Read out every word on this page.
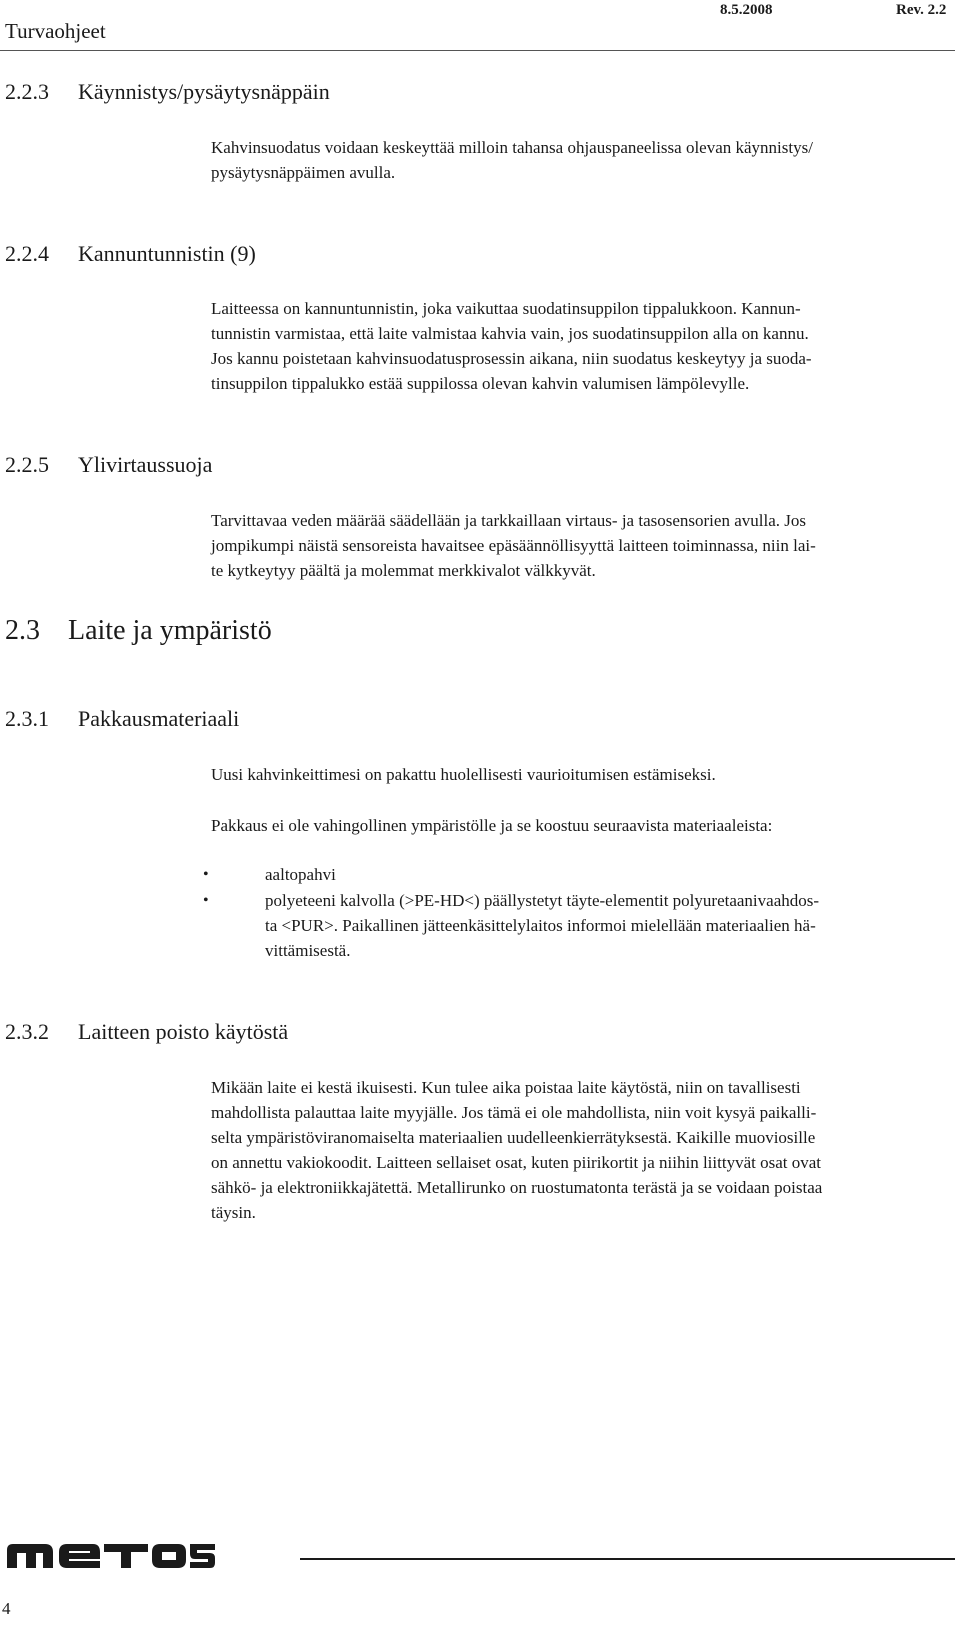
Turvaohjeet
8.5.2008	Rev. 2.2
2.2.3 Käynnistys/pysäytysnäppäin
Kahvinsuodatus voidaan keskeyttää milloin tahansa ohjauspaneelissa olevan käynnistys/
pysäytysnäppäimen avulla.
2.2.4 Kannuntunnistin (9)
Laitteessa on kannuntunnistin, joka vaikuttaa suodatinsuppilon tippalukkoon. Kannun-
tunnistin varmistaa, että laite valmistaa kahvia vain, jos suodatinsuppilon alla on kannu.
Jos kannu poistetaan kahvinsuodatusprosessin aikana, niin suodatus keskeytyy ja suoda-
tinsuppilon tippalukko estää suppilossa olevan kahvin valumisen lämpölevylle.
2.2.5 Ylivirtaussuoja
Tarvittavaa veden määrää säädellään ja tarkkaillaan virtaus- ja tasosensorien avulla. Jos
jompikumpi näistä sensoreista havaitsee epäsäännöllisyyttä laitteen toiminnassa, niin lai-
te kytkeytyy päältä ja molemmat merkkivalot välkkyvät.
2.3 Laite ja ympäristö
2.3.1 Pakkausmateriaali
Uusi kahvinkeittimesi on pakattu huolellisesti vaurioitumisen estämiseksi.
Pakkaus ei ole vahingollinen ympäristölle ja se koostuu seuraavista materiaaleista:
•	aaltopahvi
•	polyeteeni kalvolla (>PE-HD<) päällystetyt täyte-elementit polyuretaanivaahdos-
ta <PUR>. Paikallinen jätteenkäsittelylaitos informoi mielellään materiaalien hä-
vittämisestä.
2.3.2 Laitteen poisto käytöstä
Mikään laite ei kestä ikuisesti. Kun tulee aika poistaa laite käytöstä, niin on tavallisesti
mahdollista palauttaa laite myyjälle. Jos tämä ei ole mahdollista, niin voit kysyä paikalli-
selta ympäristöviranomaiselta materiaalien uudelleenkierrätyksestä. Kaikille muoviosille
on annettu vakiokoodit. Laitteen sellaiset osat, kuten piirikortit ja niihin liittyvät osat ovat
sähkö- ja elektroniikkajätettä. Metallirunko on ruostumatonta terästä ja se voidaan poistaa
täysin.
4
